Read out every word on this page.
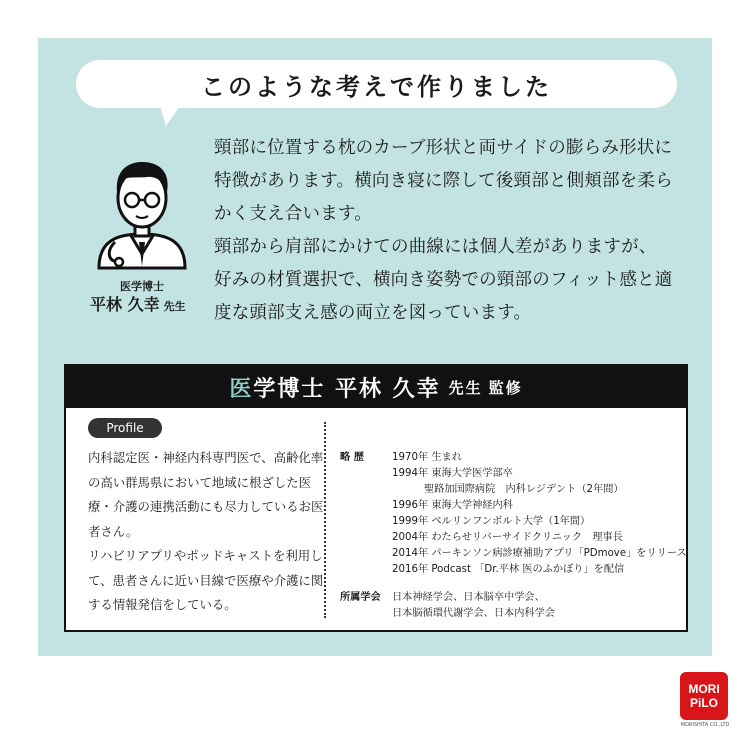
このような考えで作りました
医学博士
平林 久幸 先生

頸部に位置する枕のカーブ形状と両サイドの膨らみ形状に特徴があります。横向き寝に際して後頸部と側頬部を柔らかく支え合います。

頸部から肩部にかけての曲線には個人差がありますが、好みの材質選択で、横向き姿勢での頸部のフィット感と適度な頭部支え感の両立を図っています。

医 学博士 平林 久幸 先生 監修
Profile

内科認定医・神経内科専門医で、高齢化率の高い群馬県において地域に根ざした医療・介護の連携活動にも尽力しているお医者さん。

リハビリアプリやポッドキャストを利用して、患者さんに近い目線で医療や介護に関する情報発信をしている。

略 歴	1970年 生まれ
1994年 東海大学医学部卒
聖路加国際病院　内科レジデント（2年間）
1996年 東海大学神経内科
1999年 ベルリンフンボルト大学（1年間）
2004年 わたらせリバーサイドクリニック　理事長
2014年 パーキンソン病診療補助アプリ「PDmove」をリリース
2016年 Podcast 「Dr.平林 医のふかぼり」を配信
所属学会	日本神経学会、日本脳卒中学会、
日本脳循環代謝学会、日本内科学会
MORI
PiLO
MORISHITA CO.,LTD
